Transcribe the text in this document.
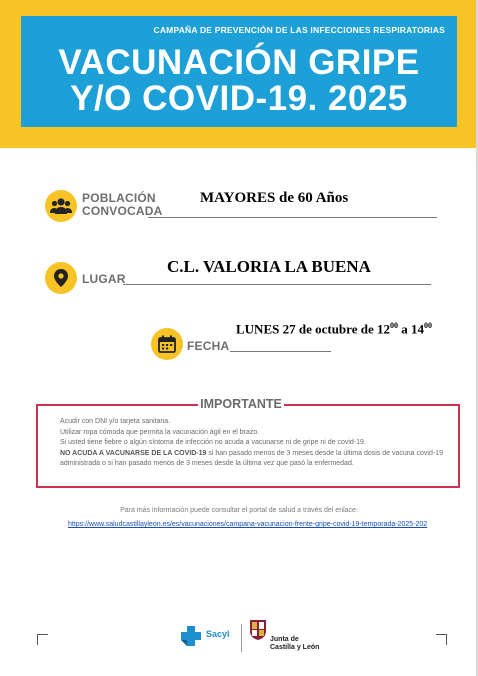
CAMPAÑA DE PREVENCIÓN DE LAS INFECCIONES RESPIRATORIAS
VACUNACIÓN GRIPE
Y/O COVID-19. 2025
POBLACIÓN
CONVOCADA
MAYORES de 60 Años
LUGAR
C.L. VALORIA LA BUENA
FECHA
LUNES 27 de octubre de $12^{00}$ a $14^{00}$
IMPORTANTE
Acudir con DNI y/o tarjeta sanitaria.
Utilizar ropa cómoda que permita la vacunación ágil en el brazo.
Si usted tiene fiebre o algún síntoma de infección no acuda a vacunarse ni de gripe ni de covid-19.
NO ACUDA A VACUNARSE DE LA COVID-19 si han pasado menos de 3 meses desde la última dosis de vacuna covid-19
administrada o si han pasado menos de 3 meses desde la última vez que pasó la enfermedad.
Para más información puede consultar el portal de salud a través del enlace:
https://www.saludcastillayleon.es/es/vacunaciones/campana-vacunacion-frente-gripe-covid-19-temporada-2025-202
Sacyl
Junta de
Castilla y León
